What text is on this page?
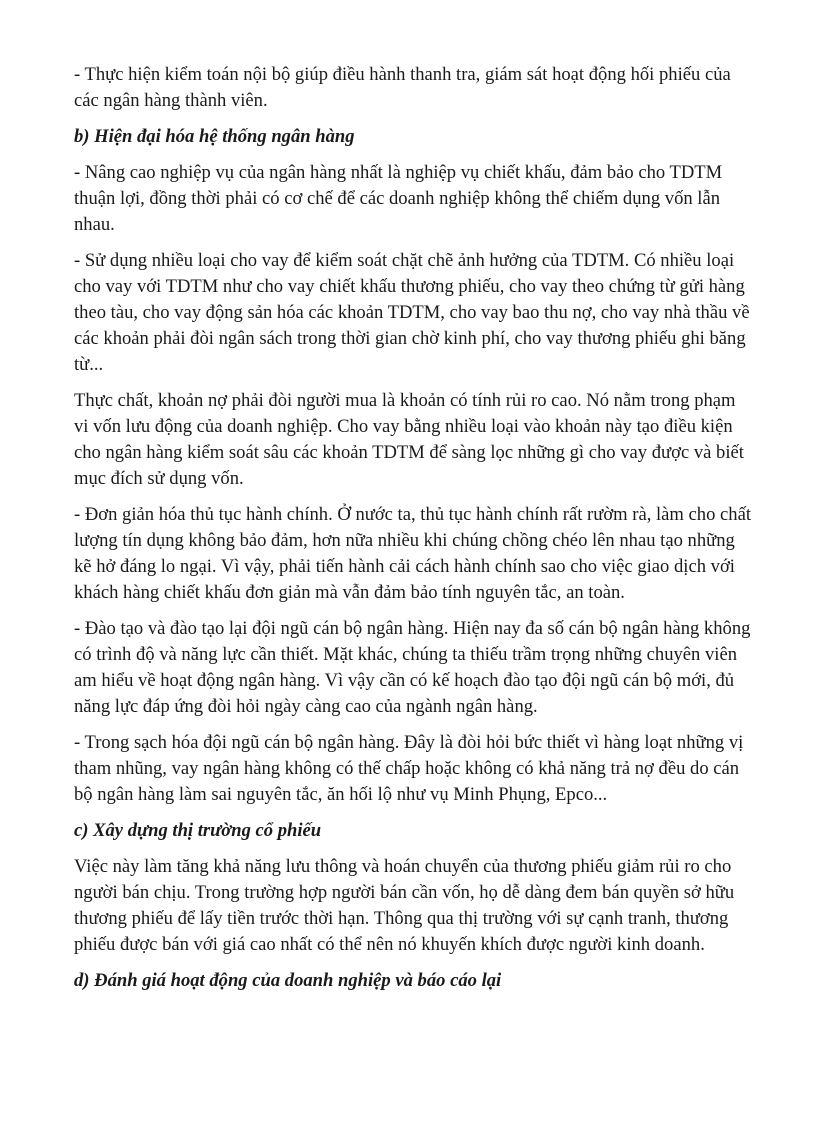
- Thực hiện kiểm toán nội bộ giúp điều hành thanh tra, giám sát hoạt động hối phiếu của các ngân hàng thành viên.

b) Hiện đại hóa hệ thống ngân hàng

- Nâng cao nghiệp vụ của ngân hàng nhất là nghiệp vụ chiết khấu, đảm bảo cho TDTM thuận lợi, đồng thời phải có cơ chế để các doanh nghiệp không thể chiếm dụng vốn lẫn nhau.

- Sử dụng nhiều loại cho vay để kiểm soát chặt chẽ ảnh hưởng của TDTM. Có nhiều loại cho vay với TDTM như cho vay chiết khấu thương phiếu, cho vay theo chứng từ gửi hàng theo tàu, cho vay động sản hóa các khoản TDTM, cho vay bao thu nợ, cho vay nhà thầu về các khoản phải đòi ngân sách trong thời gian chờ kinh phí, cho vay thương phiếu ghi băng từ...

Thực chất, khoản nợ phải đòi người mua là khoản có tính rủi ro cao. Nó nằm trong phạm vi vốn lưu động của doanh nghiệp. Cho vay bằng nhiều loại vào khoản này tạo điều kiện cho ngân hàng kiểm soát sâu các khoản TDTM để sàng lọc những gì cho vay được và biết mục đích sử dụng vốn.

- Đơn giản hóa thủ tục hành chính. Ở nước ta, thủ tục hành chính rất rườm rà, làm cho chất lượng tín dụng không bảo đảm, hơn nữa nhiều khi chúng chồng chéo lên nhau tạo những kẽ hở đáng lo ngại. Vì vậy, phải tiến hành cải cách hành chính sao cho việc giao dịch với khách hàng chiết khấu đơn giản mà vẫn đảm bảo tính nguyên tắc, an toàn.

- Đào tạo và đào tạo lại đội ngũ cán bộ ngân hàng. Hiện nay đa số cán bộ ngân hàng không có trình độ và năng lực cần thiết. Mặt khác, chúng ta thiếu trầm trọng những chuyên viên am hiểu về hoạt động ngân hàng. Vì vậy cần có kế hoạch đào tạo đội ngũ cán bộ mới, đủ năng lực đáp ứng đòi hỏi ngày càng cao của ngành ngân hàng.

- Trong sạch hóa đội ngũ cán bộ ngân hàng. Đây là đòi hỏi bức thiết vì hàng loạt những vị tham nhũng, vay ngân hàng không có thế chấp hoặc không có khả năng trả nợ đều do cán bộ ngân hàng làm sai nguyên tắc, ăn hối lộ như vụ Minh Phụng, Epco...

c) Xây dựng thị trường cổ phiếu

Việc này làm tăng khả năng lưu thông và hoán chuyển của thương phiếu giảm rủi ro cho người bán chịu. Trong trường hợp người bán cần vốn, họ dễ dàng đem bán quyền sở hữu thương phiếu để lấy tiền trước thời hạn. Thông qua thị trường với sự cạnh tranh, thương phiếu được bán với giá cao nhất có thể nên nó khuyến khích được người kinh doanh.

d) Đánh giá hoạt động của doanh nghiệp và báo cáo lại
